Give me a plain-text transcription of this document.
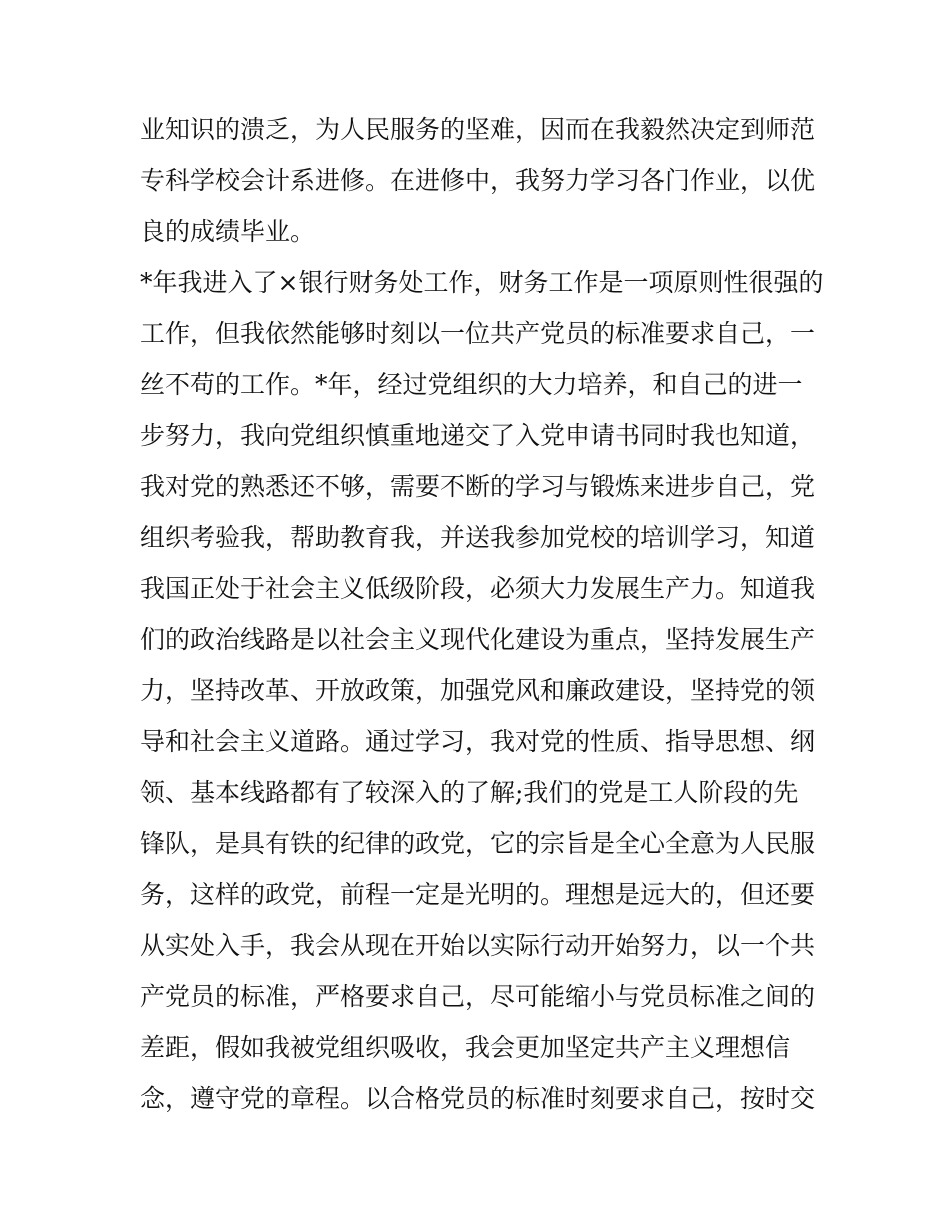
业知识的溃乏，为人民服务的坚难，因而在我毅然决定到师范
专科学校会计系进修。在进修中，我努力学习各门作业，以优
良的成绩毕业。
*年我进入了×银行财务处工作，财务工作是一项原则性很强的
工作，但我依然能够时刻以一位共产党员的标准要求自己，一
丝不苟的工作。*年，经过党组织的大力培养，和自己的进一
步努力，我向党组织慎重地递交了入党申请书同时我也知道，
我对党的熟悉还不够，需要不断的学习与锻炼来进步自己，党
组织考验我，帮助教育我，并送我参加党校的培训学习，知道
我国正处于社会主义低级阶段，必须大力发展生产力。知道我
们的政治线路是以社会主义现代化建设为重点，坚持发展生产
力，坚持改革、开放政策，加强党风和廉政建设，坚持党的领
导和社会主义道路。通过学习，我对党的性质、指导思想、纲
领、基本线路都有了较深入的了解;我们的党是工人阶段的先
锋队，是具有铁的纪律的政党，它的宗旨是全心全意为人民服
务，这样的政党，前程一定是光明的。理想是远大的，但还要
从实处入手，我会从现在开始以实际行动开始努力，以一个共
产党员的标准，严格要求自己，尽可能缩小与党员标准之间的
差距，假如我被党组织吸收，我会更加坚定共产主义理想信
念，遵守党的章程。以合格党员的标准时刻要求自己，按时交
